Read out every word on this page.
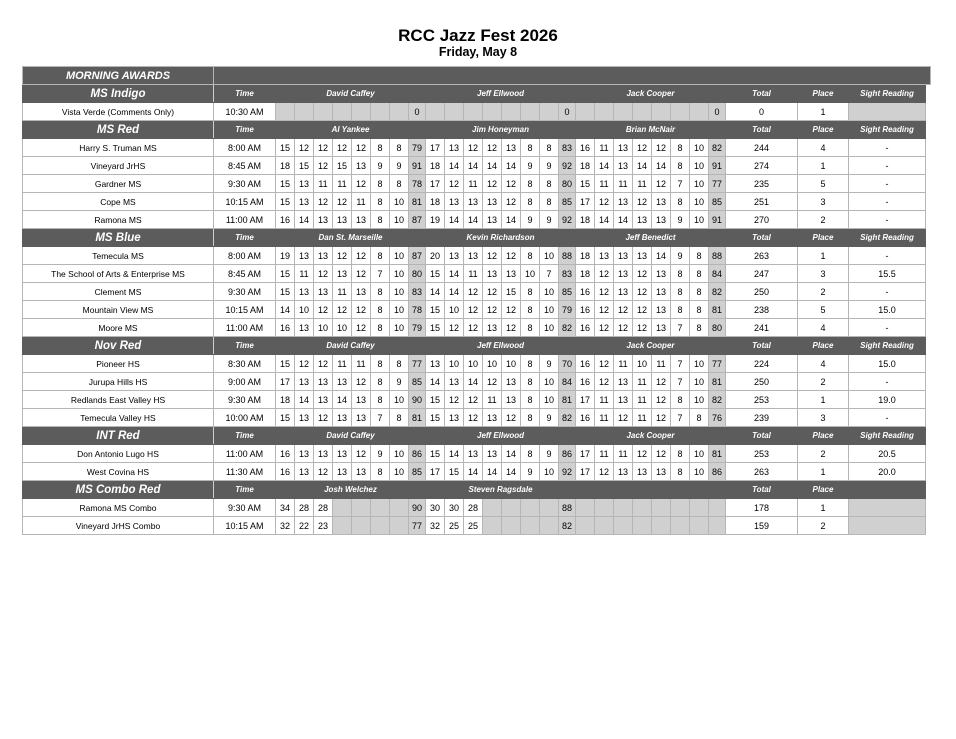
RCC Jazz Fest 2026
Friday, May 8
MORNING AWARDS																												
MS Indigo	Time	David Caffey								Jeff Ellwood								Jack Cooper								Total	Place	Sight Reading
Vista Verde (Comments Only)	10:30 AM								0								0								0	0	1	
MS Red	Time	Al Yankee								Jim Honeyman								Brian McNair								Total	Place	Sight Reading
Harry S. Truman MS	8:00 AM	15	12	12	12	12	8	8	79	17	13	12	12	13	8	8	83	16	11	13	12	12	8	10	82	244	4	-
Vineyard JrHS	8:45 AM	18	15	12	15	13	9	9	91	18	14	14	14	14	9	9	92	18	14	13	14	14	8	10	91	274	1	-
Gardner MS	9:30 AM	15	13	11	11	12	8	8	78	17	12	11	12	12	8	8	80	15	11	11	11	12	7	10	77	235	5	-
Cope MS	10:15 AM	15	13	12	12	11	8	10	81	18	13	13	13	12	8	8	85	17	12	13	12	13	8	10	85	251	3	-
Ramona MS	11:00 AM	16	14	13	13	13	8	10	87	19	14	14	13	14	9	9	92	18	14	14	13	13	9	10	91	270	2	-
MS Blue	Time	Dan St. Marseille								Kevin Richardson								Jeff Benedict								Total	Place	Sight Reading
Temecula MS	8:00 AM	19	13	13	12	12	8	10	87	20	13	13	12	12	8	10	88	18	13	13	13	14	9	8	88	263	1	-
The School of Arts & Enterprise MS	8:45 AM	15	11	12	13	12	7	10	80	15	14	11	13	13	10	7	83	18	12	13	12	13	8	8	84	247	3	15.5
Clement MS	9:30 AM	15	13	13	11	13	8	10	83	14	14	12	12	15	8	10	85	16	12	13	12	13	8	8	82	250	2	-
Mountain View MS	10:15 AM	14	10	12	12	12	8	10	78	15	10	12	12	12	8	10	79	16	12	12	12	13	8	8	81	238	5	15.0
Moore MS	11:00 AM	16	13	10	10	12	8	10	79	15	12	12	13	12	8	10	82	16	12	12	12	13	7	8	80	241	4	-
Nov Red	Time	David Caffey								Jeff Ellwood								Jack Cooper								Total	Place	Sight Reading
Pioneer HS	8:30 AM	15	12	12	11	11	8	8	77	13	10	10	10	10	8	9	70	16	12	11	10	11	7	10	77	224	4	15.0
Jurupa Hills HS	9:00 AM	17	13	13	13	12	8	9	85	14	13	14	12	13	8	10	84	16	12	13	11	12	7	10	81	250	2	-
Redlands East Valley HS	9:30 AM	18	14	13	14	13	8	10	90	15	12	12	11	13	8	10	81	17	11	13	11	12	8	10	82	253	1	19.0
Temecula Valley HS	10:00 AM	15	13	12	13	13	7	8	81	15	13	12	13	12	8	9	82	16	11	12	11	12	7	8	76	239	3	-
INT Red	Time	David Caffey								Jeff Ellwood								Jack Cooper								Total	Place	Sight Reading
Don Antonio Lugo HS	11:00 AM	16	13	13	13	12	9	10	86	15	14	13	13	14	8	9	86	17	11	11	12	12	8	10	81	253	2	20.5
West Covina HS	11:30 AM	16	13	12	13	13	8	10	85	17	15	14	14	14	9	10	92	17	12	13	13	13	8	10	86	263	1	20.0
MS Combo Red	Time	Josh Welchez								Steven Ragsdale																Total	Place	
Ramona MS Combo	9:30 AM	34	28	28					90	30	30	28					88									178	1	
Vineyard JrHS Combo	10:15 AM	32	22	23					77	32	25	25					82									159	2	
